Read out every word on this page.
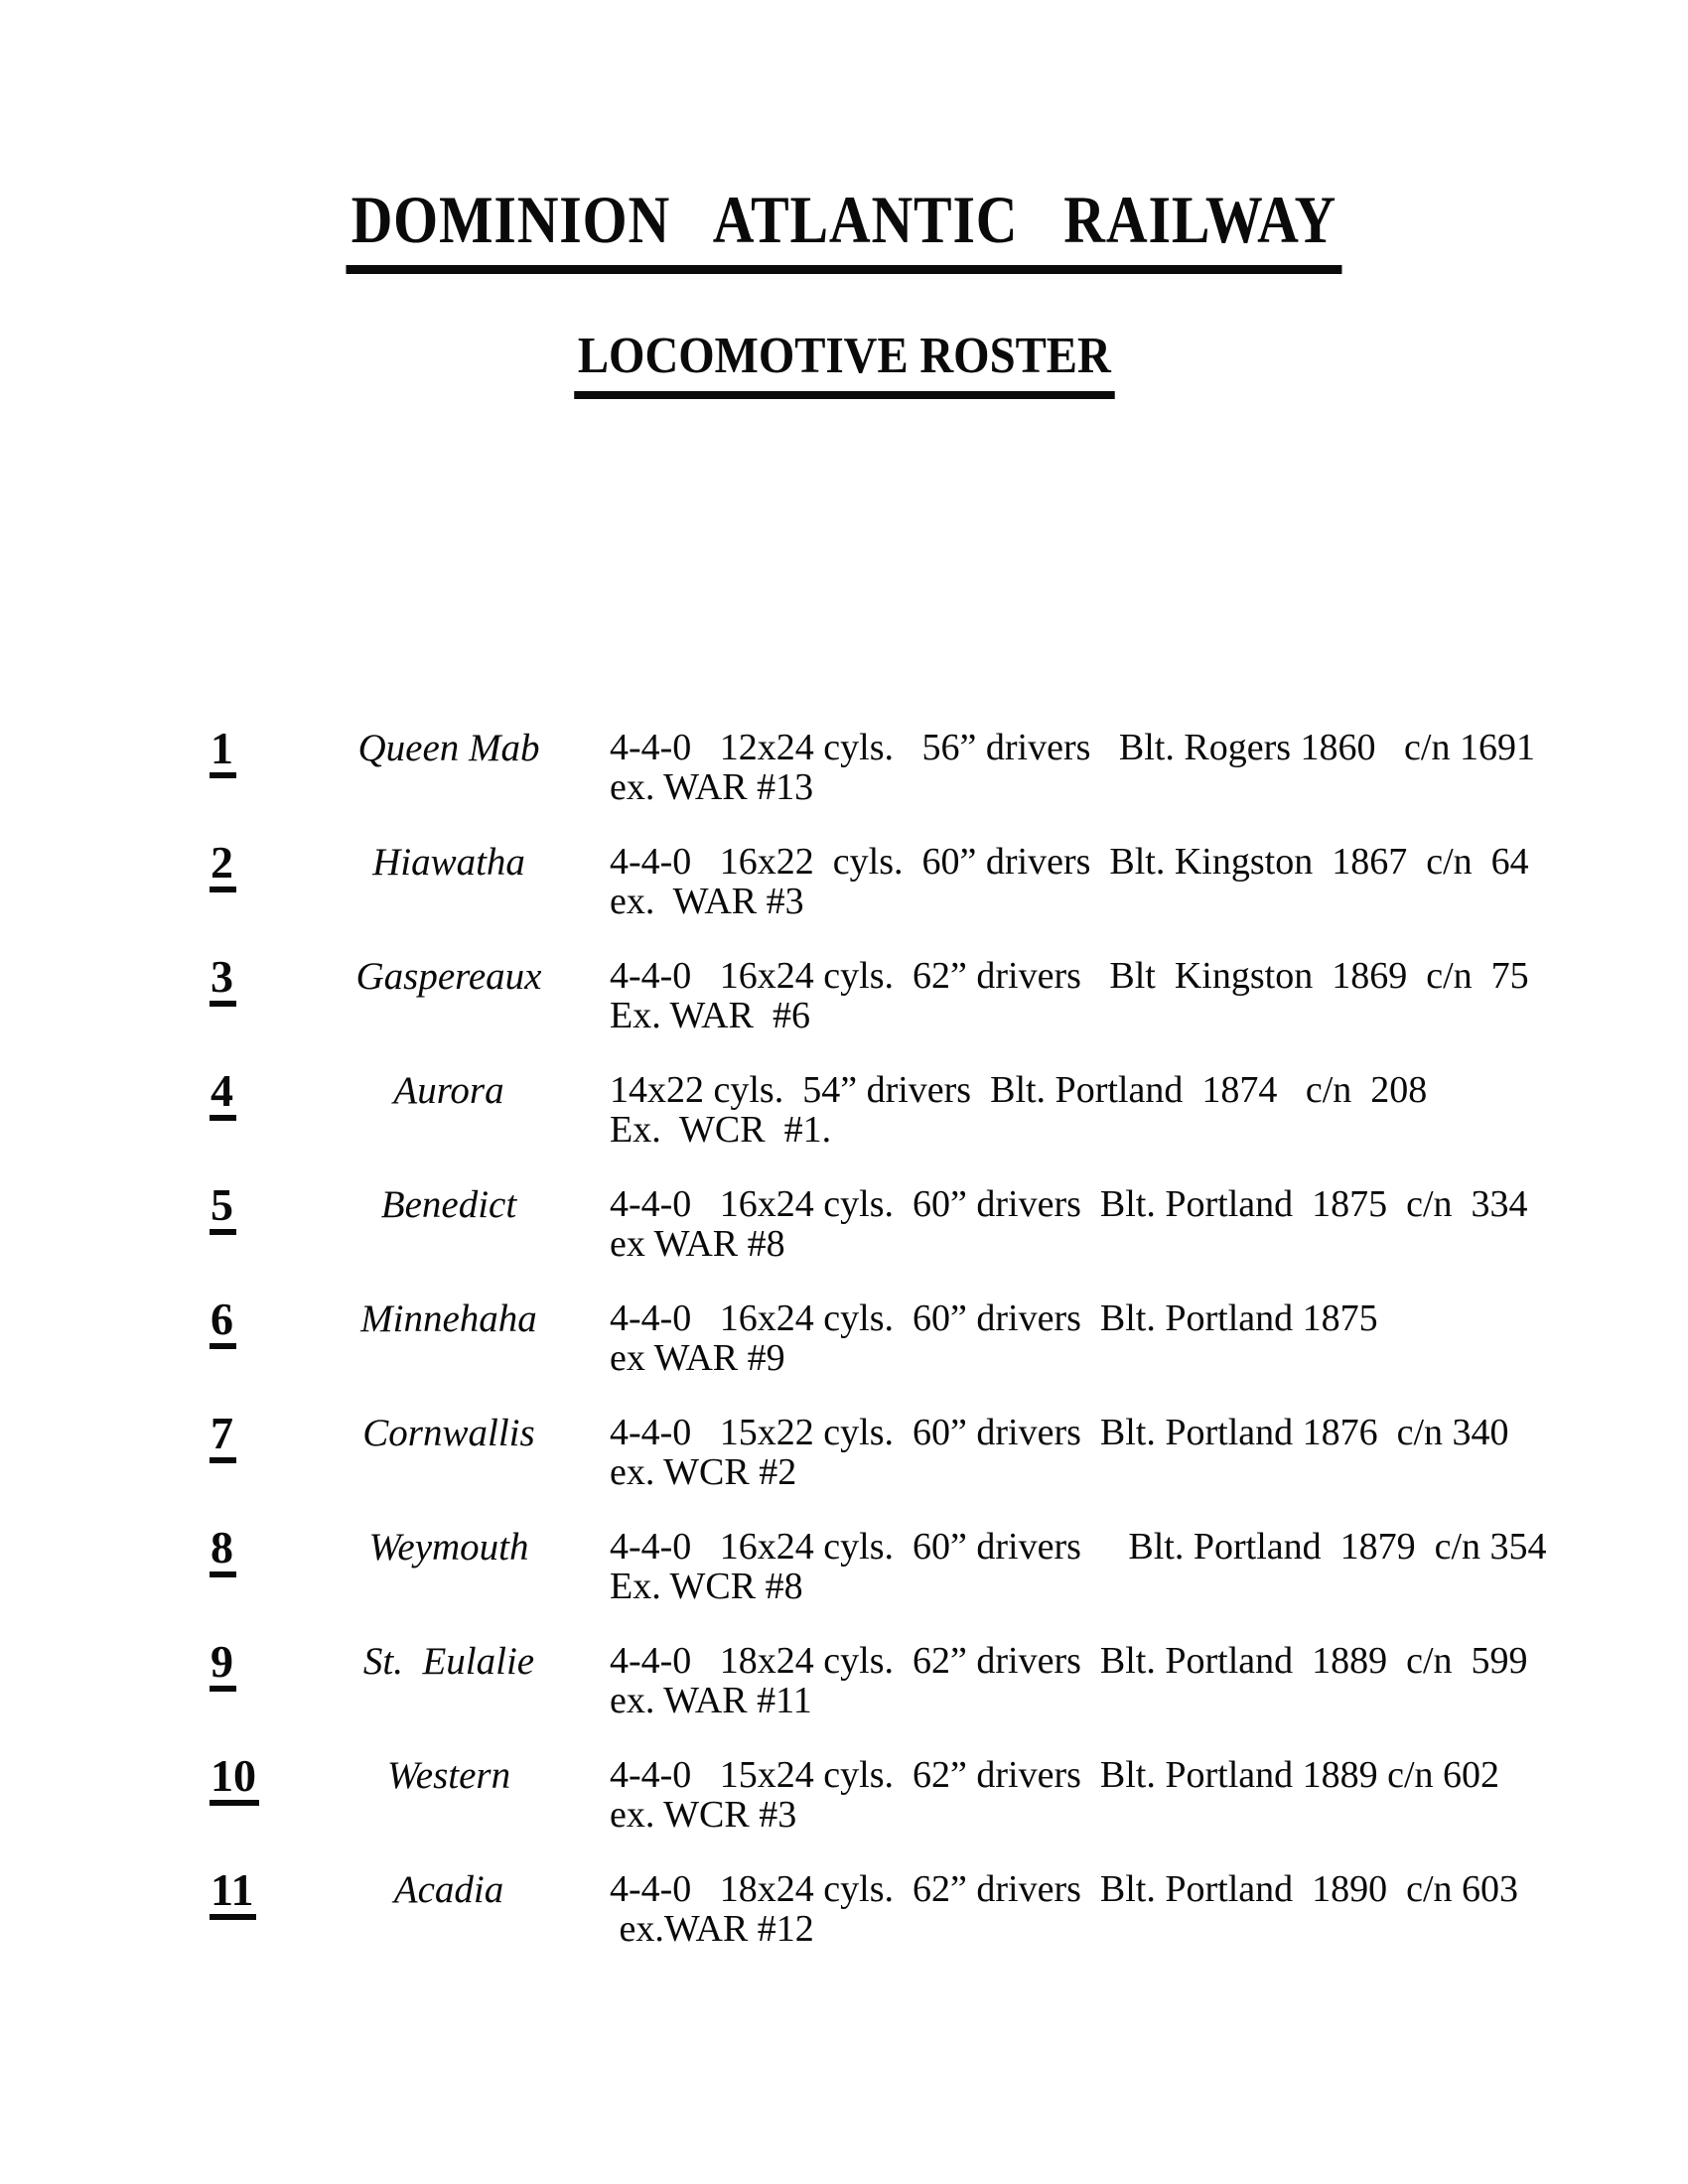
DOMINION   ATLANTIC   RAILWAY
LOCOMOTIVE ROSTER
1	Queen Mab	4-4-0   12x24 cyls.   56” drivers   Blt. Rogers 1860   c/n 1691
ex. WAR #13
2	Hiawatha	4-4-0   16x22  cyls.  60” drivers  Blt. Kingston  1867  c/n  64
ex.  WAR #3
3	Gaspereaux	4-4-0   16x24 cyls.  62” drivers   Blt  Kingston  1869  c/n  75
Ex. WAR  #6
4	Aurora	14x22 cyls.  54” drivers  Blt. Portland  1874   c/n  208
Ex.  WCR  #1.
5	Benedict	4-4-0   16x24 cyls.  60” drivers  Blt. Portland  1875  c/n  334
ex WAR #8
6	Minnehaha	4-4-0   16x24 cyls.  60” drivers  Blt. Portland 1875
ex WAR #9
7	Cornwallis	4-4-0   15x22 cyls.  60” drivers  Blt. Portland 1876  c/n 340
ex. WCR #2
8	Weymouth	4-4-0   16x24 cyls.  60” drivers     Blt. Portland  1879  c/n 354
Ex. WCR #8
9	St.  Eulalie	4-4-0   18x24 cyls.  62” drivers  Blt. Portland  1889  c/n  599
ex. WAR #11
10	Western	4-4-0   15x24 cyls.  62” drivers  Blt. Portland 1889 c/n 602
ex. WCR #3
11	Acadia	4-4-0   18x24 cyls.  62” drivers  Blt. Portland  1890  c/n 603
ex.WAR #12
